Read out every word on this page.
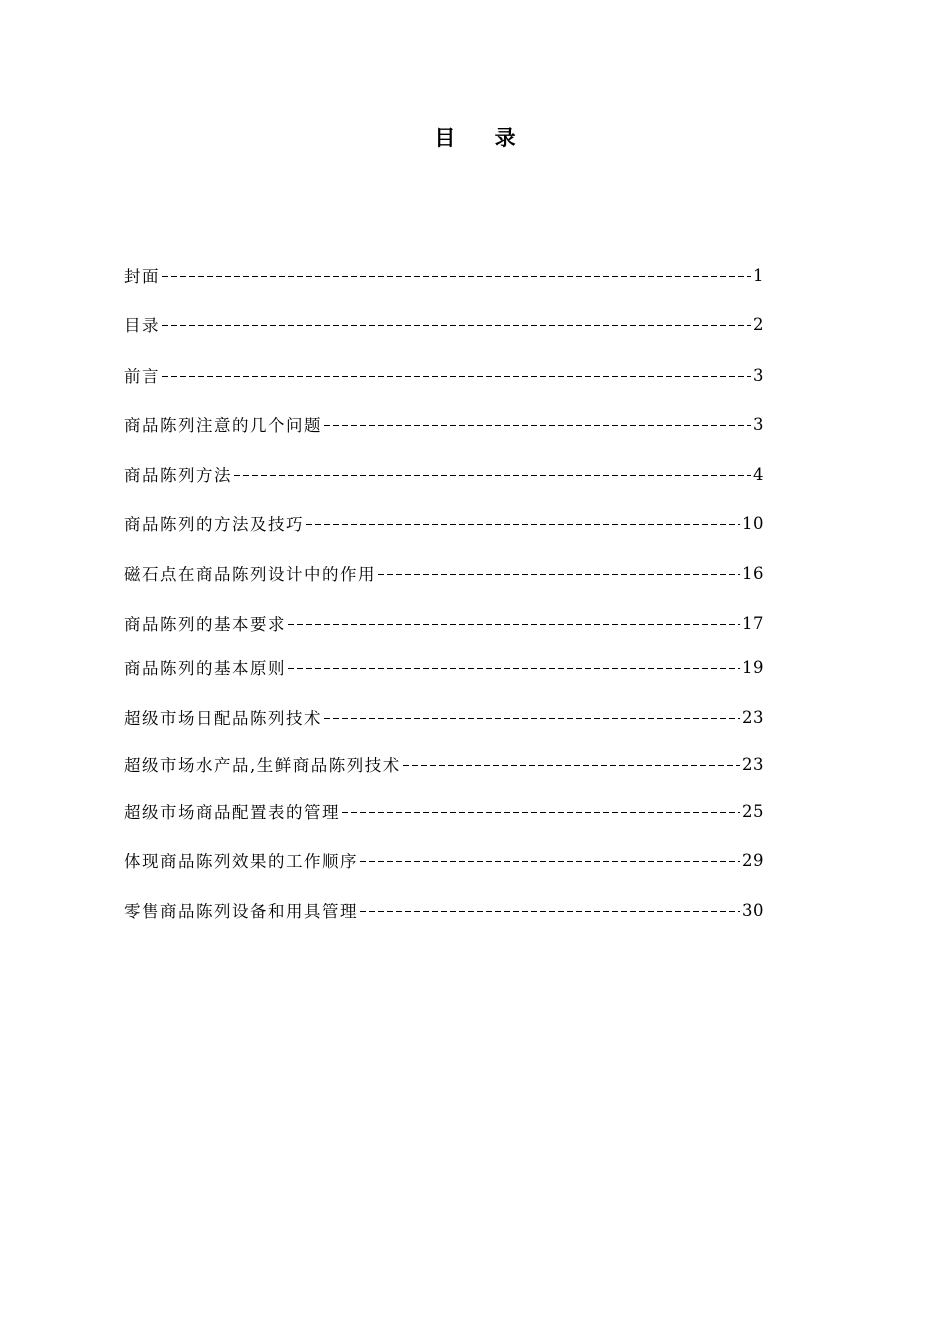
目 录
封面	1
目录	2
前言	3
商品陈列注意的几个问题	3
商品陈列方法	4
商品陈列的方法及技巧	10
磁石点在商品陈列设计中的作用	16
商品陈列的基本要求	17
商品陈列的基本原则	19
超级市场日配品陈列技术	23
超级市场水产品,生鲜商品陈列技术	23
超级市场商品配置表的管理	25
体现商品陈列效果的工作顺序	29
零售商品陈列设备和用具管理	30
